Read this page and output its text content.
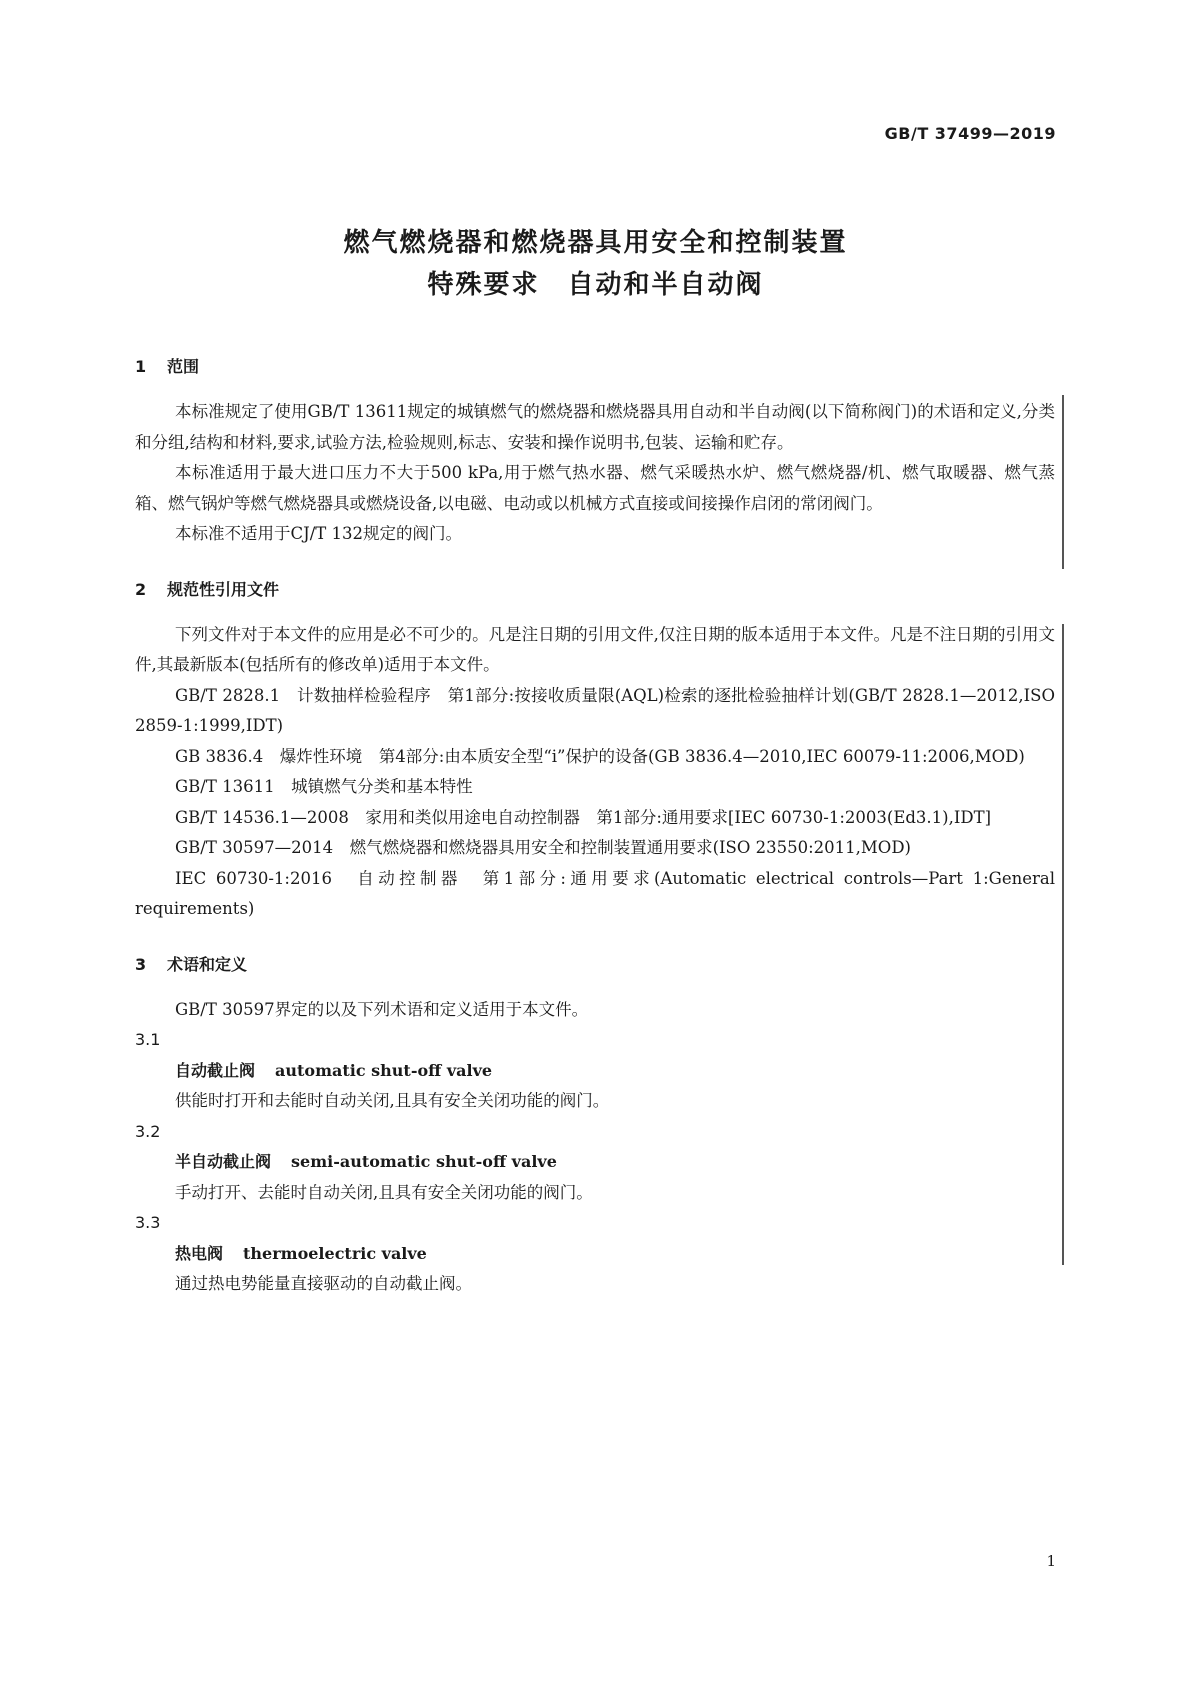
GB/T 37499—2019
燃气燃烧器和燃烧器具用安全和控制装置
特殊要求　自动和半自动阀
1 范围

本标准规定了使用GB/T 13611规定的城镇燃气的燃烧器和燃烧器具用自动和半自动阀(以下简称阀门)的术语和定义,分类和分组,结构和材料,要求,试验方法,检验规则,标志、安装和操作说明书,包装、运输和贮存。

本标准适用于最大进口压力不大于500 kPa,用于燃气热水器、燃气采暖热水炉、燃气燃烧器/机、燃气取暖器、燃气蒸箱、燃气锅炉等燃气燃烧器具或燃烧设备,以电磁、电动或以机械方式直接或间接操作启闭的常闭阀门。

本标准不适用于CJ/T 132规定的阀门。

2 规范性引用文件

下列文件对于本文件的应用是必不可少的。凡是注日期的引用文件,仅注日期的版本适用于本文件。凡是不注日期的引用文件,其最新版本(包括所有的修改单)适用于本文件。

GB/T 2828.1　计数抽样检验程序　第1部分:按接收质量限(AQL)检索的逐批检验抽样计划(GB/T 2828.1—2012,ISO 2859-1:1999,IDT)

GB 3836.4　爆炸性环境　第4部分:由本质安全型“i”保护的设备(GB 3836.4—2010,IEC 60079-11:2006,MOD)

GB/T 13611　城镇燃气分类和基本特性

GB/T 14536.1—2008　家用和类似用途电自动控制器　第1部分:通用要求[IEC 60730-1:2003(Ed3.1),IDT]

GB/T 30597—2014　燃气燃烧器和燃烧器具用安全和控制装置通用要求(ISO 23550:2011,MOD)

IEC 60730-1:2016　自动控制器　第1部分:通用要求(Automatic electrical controls—Part 1:General requirements)

3 术语和定义

GB/T 30597界定的以及下列术语和定义适用于本文件。

3.1
自动截止阀 automatic shut-off valve
供能时打开和去能时自动关闭,且具有安全关闭功能的阀门。
3.2
半自动截止阀 semi-automatic shut-off valve
手动打开、去能时自动关闭,且具有安全关闭功能的阀门。
3.3
热电阀 thermoelectric valve
通过热电势能量直接驱动的自动截止阀。
1
